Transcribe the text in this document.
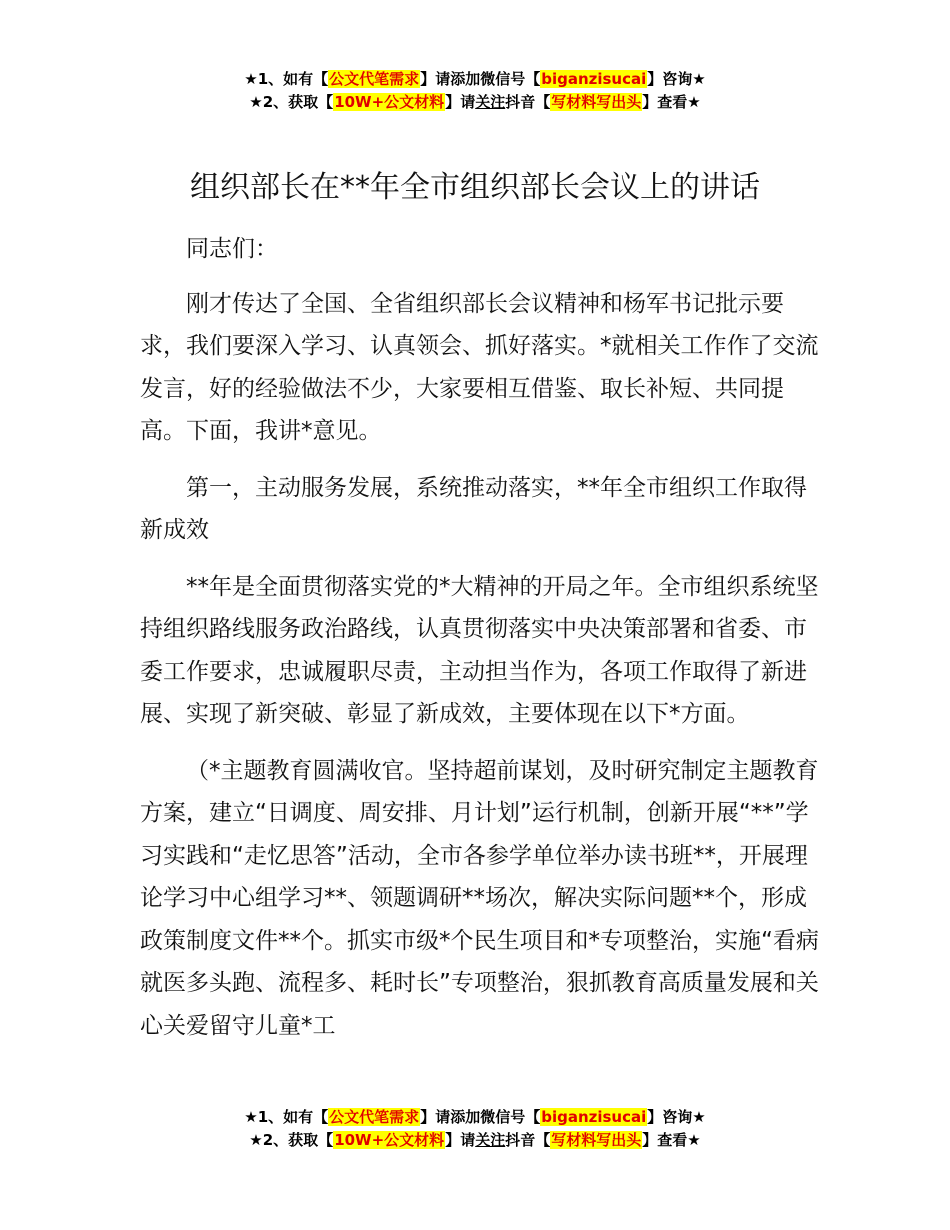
★1、如有【公文代笔需求】请添加微信号【biganzisucai】咨询★
★2、获取【10W+公文材料】请关注抖音【写材料写出头】查看★
组织部长在**年全市组织部长会议上的讲话

同志们：

刚才传达了全国、全省组织部长会议精神和杨军书记批示要求，我们要深入学习、认真领会、抓好落实。*就相关工作作了交流发言，好的经验做法不少，大家要相互借鉴、取长补短、共同提高。下面，我讲*意见。

第一，主动服务发展，系统推动落实，**年全市组织工作取得新成效

**年是全面贯彻落实党的*大精神的开局之年。全市组织系统坚持组织路线服务政治路线，认真贯彻落实中央决策部署和省委、市委工作要求，忠诚履职尽责，主动担当作为，各项工作取得了新进展、实现了新突破、彰显了新成效，主要体现在以下*方面。

（*主题教育圆满收官。坚持超前谋划，及时研究制定主题教育方案，建立“日调度、周安排、月计划”运行机制，创新开展“**”学习实践和“走忆思答”活动，全市各参学单位举办读书班**，开展理论学习中心组学习**、领题调研**场次，解决实际问题**个，形成政策制度文件**个。抓实市级*个民生项目和*专项整治，实施“看病就医多头跑、流程多、耗时长”专项整治，狠抓教育高质量发展和关心关爱留守儿童*工

★1、如有【公文代笔需求】请添加微信号【biganzisucai】咨询★
★2、获取【10W+公文材料】请关注抖音【写材料写出头】查看★
